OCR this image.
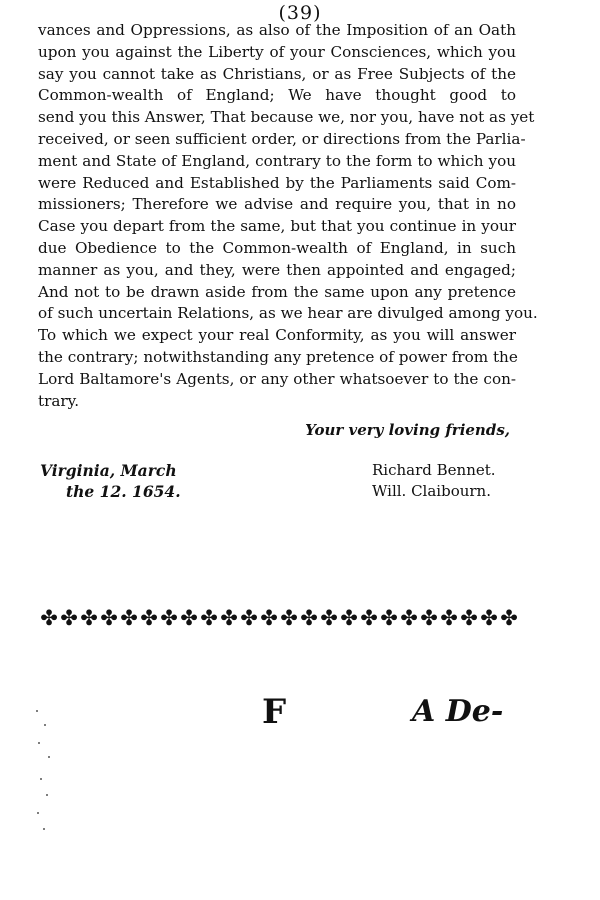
(39)
vances and Oppressions, as also of the Imposition of an Oath
upon you against the Liberty of your Consciences, which you
say you cannot take as Christians, or as Free Subjects of the
Common-wealth of England; We have thought good to
send you this Answer, That because we, nor you, have not as yet
received, or seen sufficient order, or directions from the Parlia-
ment and State of England, contrary to the form to which you
were Reduced and Established by the Parliaments said Com-
missioners; Therefore we advise and require you, that in no
Case you depart from the same, but that you continue in your
due Obedience to the Common-wealth of England, in such
manner as you, and they, were then appointed and engaged;
And not to be drawn aside from the same upon any pretence
of such uncertain Relations, as we hear are divulged among you.
To which we expect your real Conformity, as you will answer
the contrary; notwithstanding any pretence of power from the
Lord Baltamore's Agents, or any other whatsoever to the con-
trary.
Your very loving friends,
Virginia, March
the 12. 1654.
Richard Bennet.
Will. Claibourn.
✤ ✤ ✤ ✤ ✤ ✤ ✤ ✤ ✤ ✤ ✤ ✤ ✤ ✤ ✤ ✤ ✤ ✤ ✤ ✤ ✤ ✤ ✤ ✤
F	A De-
